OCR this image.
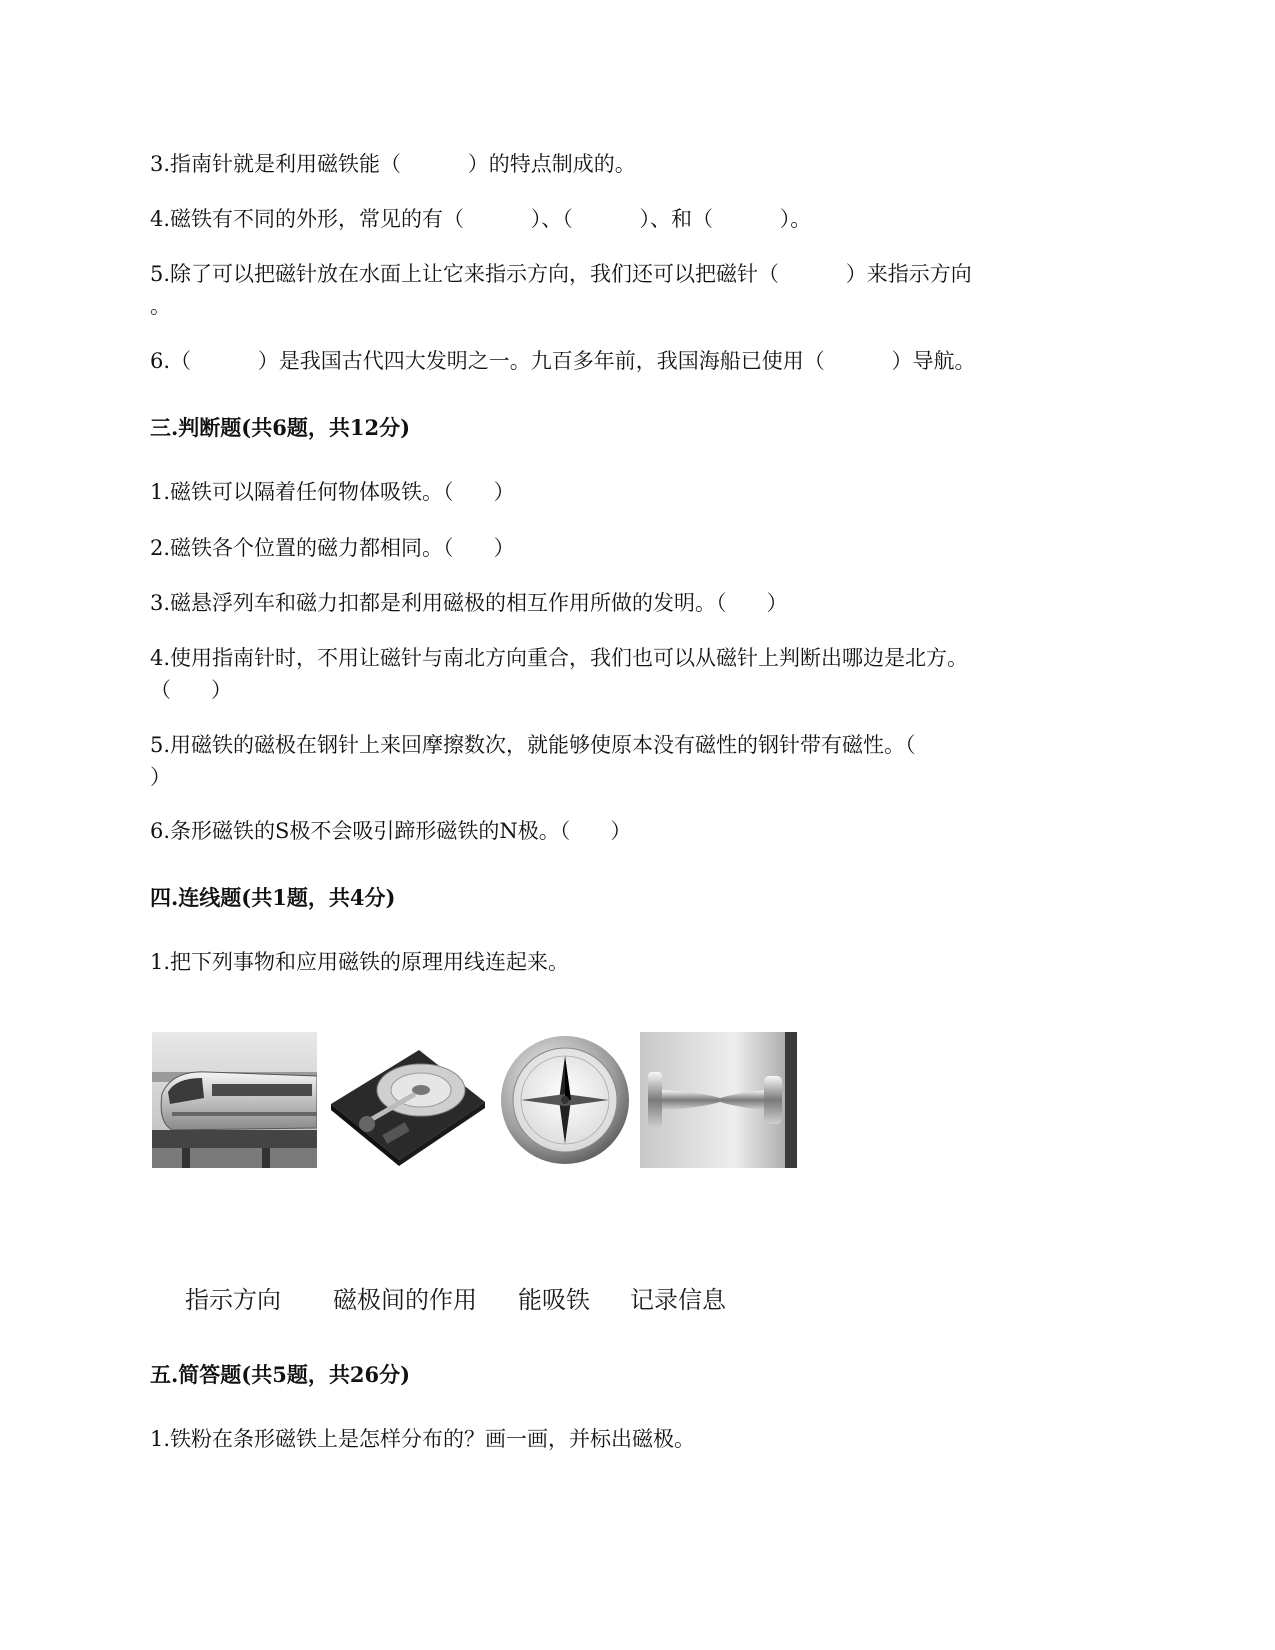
3.指南针就是利用磁铁能（          ）的特点制成的。
4.磁铁有不同的外形，常见的有（          ）、（          ）、和（          ）。
5.除了可以把磁针放在水面上让它来指示方向，我们还可以把磁针（          ）来指示方向
。
6.（          ）是我国古代四大发明之一。九百多年前，我国海船已使用（          ）导航。
三.判断题(共6题，共12分)
1.磁铁可以隔着任何物体吸铁。（      ）
2.磁铁各个位置的磁力都相同。（      ）
3.磁悬浮列车和磁力扣都是利用磁极的相互作用所做的发明。（      ）
4.使用指南针时，不用让磁针与南北方向重合，我们也可以从磁针上判断出哪边是北方。
（      ）
5.用磁铁的磁极在钢针上来回摩擦数次，就能够使原本没有磁性的钢针带有磁性。（
）
6.条形磁铁的S极不会吸引蹄形磁铁的N极。（      ）
四.连线题(共1题，共4分)
1.把下列事物和应用磁铁的原理用线连起来。
指示方向 磁极间的作用 能吸铁 记录信息
五.简答题(共5题，共26分)
1.铁粉在条形磁铁上是怎样分布的？画一画，并标出磁极。
